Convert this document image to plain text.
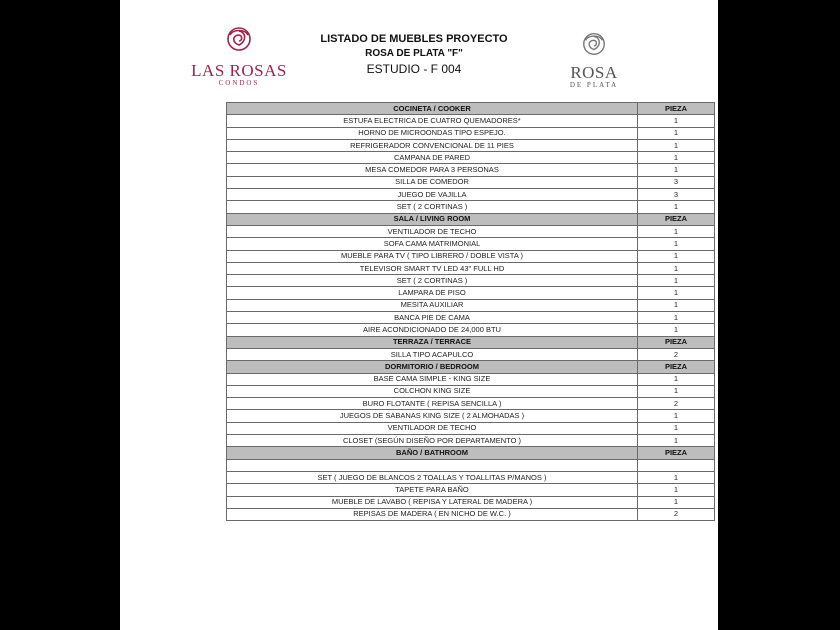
LAS ROSAS
CONDOS
LISTADO DE MUEBLES PROYECTO
ROSA DE PLATA "F"
ESTUDIO - F 004	ROSA
DE PLATA
COCINETA / COOKER	PIEZA
ESTUFA ELECTRICA DE CUATRO QUEMADORES*	1
HORNO DE MICROONDAS TIPO ESPEJO.	1
REFRIGERADOR CONVENCIONAL DE 11 PIES	1
CAMPANA DE PARED	1
MESA COMEDOR PARA 3 PERSONAS	1
SILLA DE COMEDOR	3
JUEGO DE VAJILLA	3
SET ( 2 CORTINAS )	1
SALA / LIVING ROOM	PIEZA
VENTILADOR DE TECHO	1
SOFA CAMA MATRIMONIAL	1
MUEBLE PARA TV ( TIPO LIBRERO / DOBLE VISTA )	1
TELEVISOR SMART TV LED 43" FULL HD	1
SET ( 2 CORTINAS )	1
LAMPARA DE PISO	1
MESITA AUXILIAR	1
BANCA PIE DE CAMA	1
AIRE ACONDICIONADO DE 24,000 BTU	1
TERRAZA / TERRACE	PIEZA
SILLA TIPO ACAPULCO	2
DORMITORIO / BEDROOM	PIEZA
BASE CAMA SIMPLE - KING SIZE	1
COLCHON KING SIZE	1
BURO FLOTANTE ( REPISA SENCILLA )	2
JUEGOS DE SABANAS KING SIZE ( 2 ALMOHADAS )	1
VENTILADOR DE TECHO	1
CLOSET (SEGÚN DISEÑO POR DEPARTAMENTO )	1
BAÑO / BATHROOM	PIEZA

SET ( JUEGO DE BLANCOS 2 TOALLAS Y TOALLITAS P/MANOS )	1
TAPETE PARA BAÑO	1
MUEBLE DE LAVABO ( REPISA Y LATERAL DE MADERA )	1
REPISAS DE MADERA ( EN NICHO DE W.C. )	2
